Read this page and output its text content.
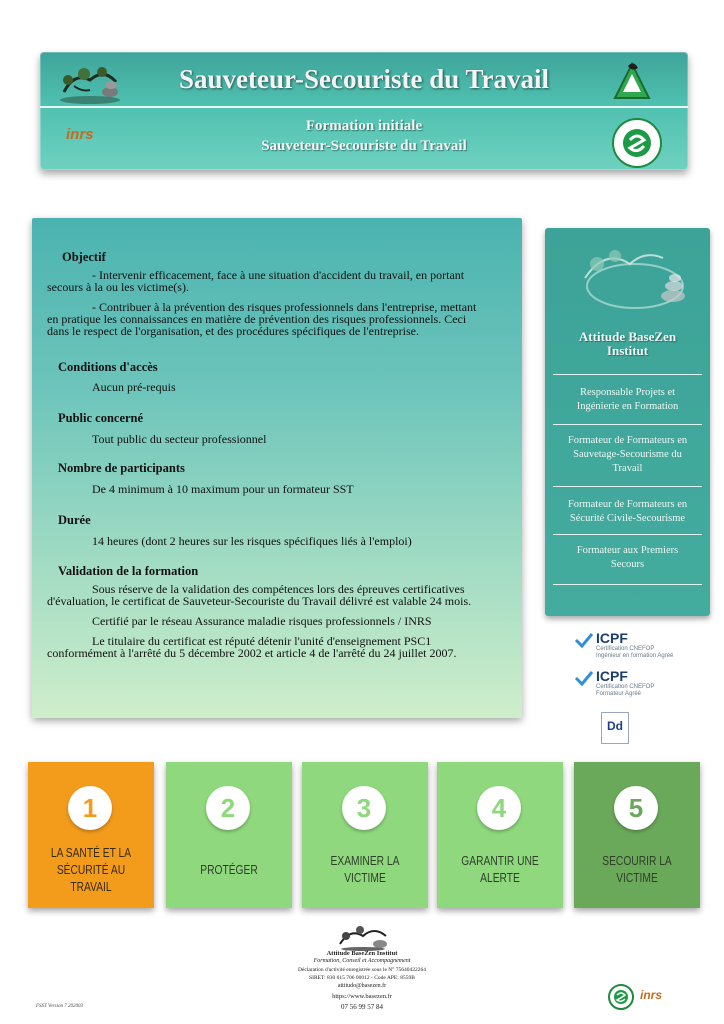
Sauveteur-Secouriste du Travail
Formation initiale
Sauveteur-Secouriste du Travail
inrs
Objectif
- Intervenir efficacement, face à une situation d'accident du travail, en portant
secours à la ou les victime(s).
- Contribuer à la prévention des risques professionnels dans l'entreprise, mettant
en pratique les connaissances en matière de prévention des risques professionnels. Ceci
dans le respect de l'organisation, et des procédures spécifiques de l'entreprise.
Conditions d'accès
Aucun pré-requis
Public concerné
Tout public du secteur professionnel
Nombre de participants
De 4 minimum à 10 maximum pour un formateur SST
Durée
14 heures (dont 2 heures sur les risques spécifiques liés à l'emploi)
Validation de la formation
Sous réserve de la validation des compétences lors des épreuves certificatives
d'évaluation, le certificat de Sauveteur-Secouriste du Travail délivré est valable 24 mois.
Certifié par le réseau Assurance maladie risques professionnels / INRS
Le titulaire du certificat est réputé détenir l'unité d'enseignement PSC1
conformément à l'arrêté du 5 décembre 2002 et article 4 de l'arrêté du 24 juillet 2007.
Attitude BaseZen
Institut
Responsable Projets et
Ingénierie en Formation
Formateur de Formateurs en
Sauvetage-Secourisme du
Travail
Formateur de Formateurs en
Sécurité Civile-Secourisme
Formateur aux Premiers
Secours
ICPF
Certification CNEFOP
Ingénieur en formation Agréé
ICPF
Certification CNEFOP
Formateur Agréé
Dd
1
LA SANTÉ ET LA
SÉCURITÉ AU TRAVAIL
2
PROTÉGER
3
EXAMINER LA VICTIME
4
GARANTIR UNE ALERTE
5
SECOURIR LA VICTIME
Attitude BaseZen Institut
Formation, Conseil et Accompagnement
Déclaration d'activité enregistrée sous le N° 75640422264
SIRET: 830 615 706 00012 - Code APE: 8559B
attitudo@basezen.fr
https://www.basezen.fr
07 56 99 57 84
FSST Version 7 202003
inrs
